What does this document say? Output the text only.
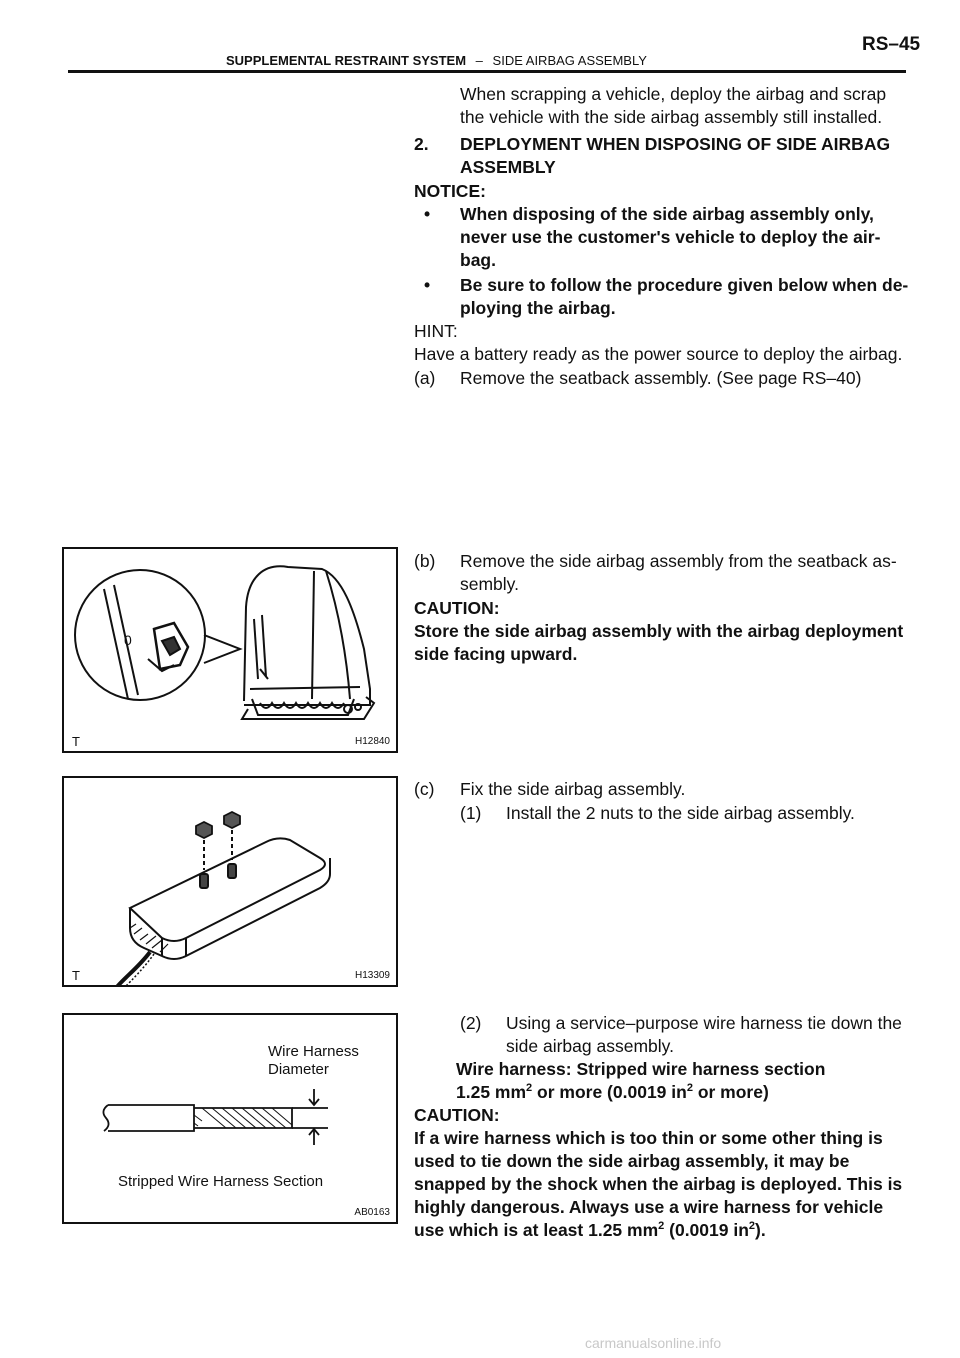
RS–45
SUPPLEMENTAL RESTRAINT SYSTEM – SIDE AIRBAG ASSEMBLY
When scrapping a vehicle, deploy the airbag and scrap
the vehicle with the side airbag assembly still installed.
2. DEPLOYMENT WHEN DISPOSING OF SIDE AIRBAG
ASSEMBLY
NOTICE:
• When disposing of the side airbag assembly only,
never use the customer's vehicle to deploy the air-
bag.
• Be sure to follow the procedure given below when de-
ploying the airbag.
HINT:
Have a battery ready as the power source to deploy the airbag.
(a) Remove the seatback assembly. (See page RS–40)
0
T	H12840
(b) Remove the side airbag assembly from the seatback as-
sembly.
CAUTION:
Store the side airbag assembly with the airbag deployment
side facing upward.
T	H13309
(c) Fix the side airbag assembly.
(1) Install the 2 nuts to the side airbag assembly.
Wire Harness
Diameter
Stripped Wire Harness Section
AB0163
(2) Using a service–purpose wire harness tie down the
side airbag assembly.
Wire harness: Stripped wire harness section
1.25 $mm^2$ or more (0.0019 $in^2$ or more)
CAUTION:
If a wire harness which is too thin or some other thing is
used to tie down the side airbag assembly, it may be
snapped by the shock when the airbag is deployed. This is
highly dangerous. Always use a wire harness for vehicle
use which is at least 1.25 $mm^2$ (0.0019 $in^2$).
carmanualsonline.info
